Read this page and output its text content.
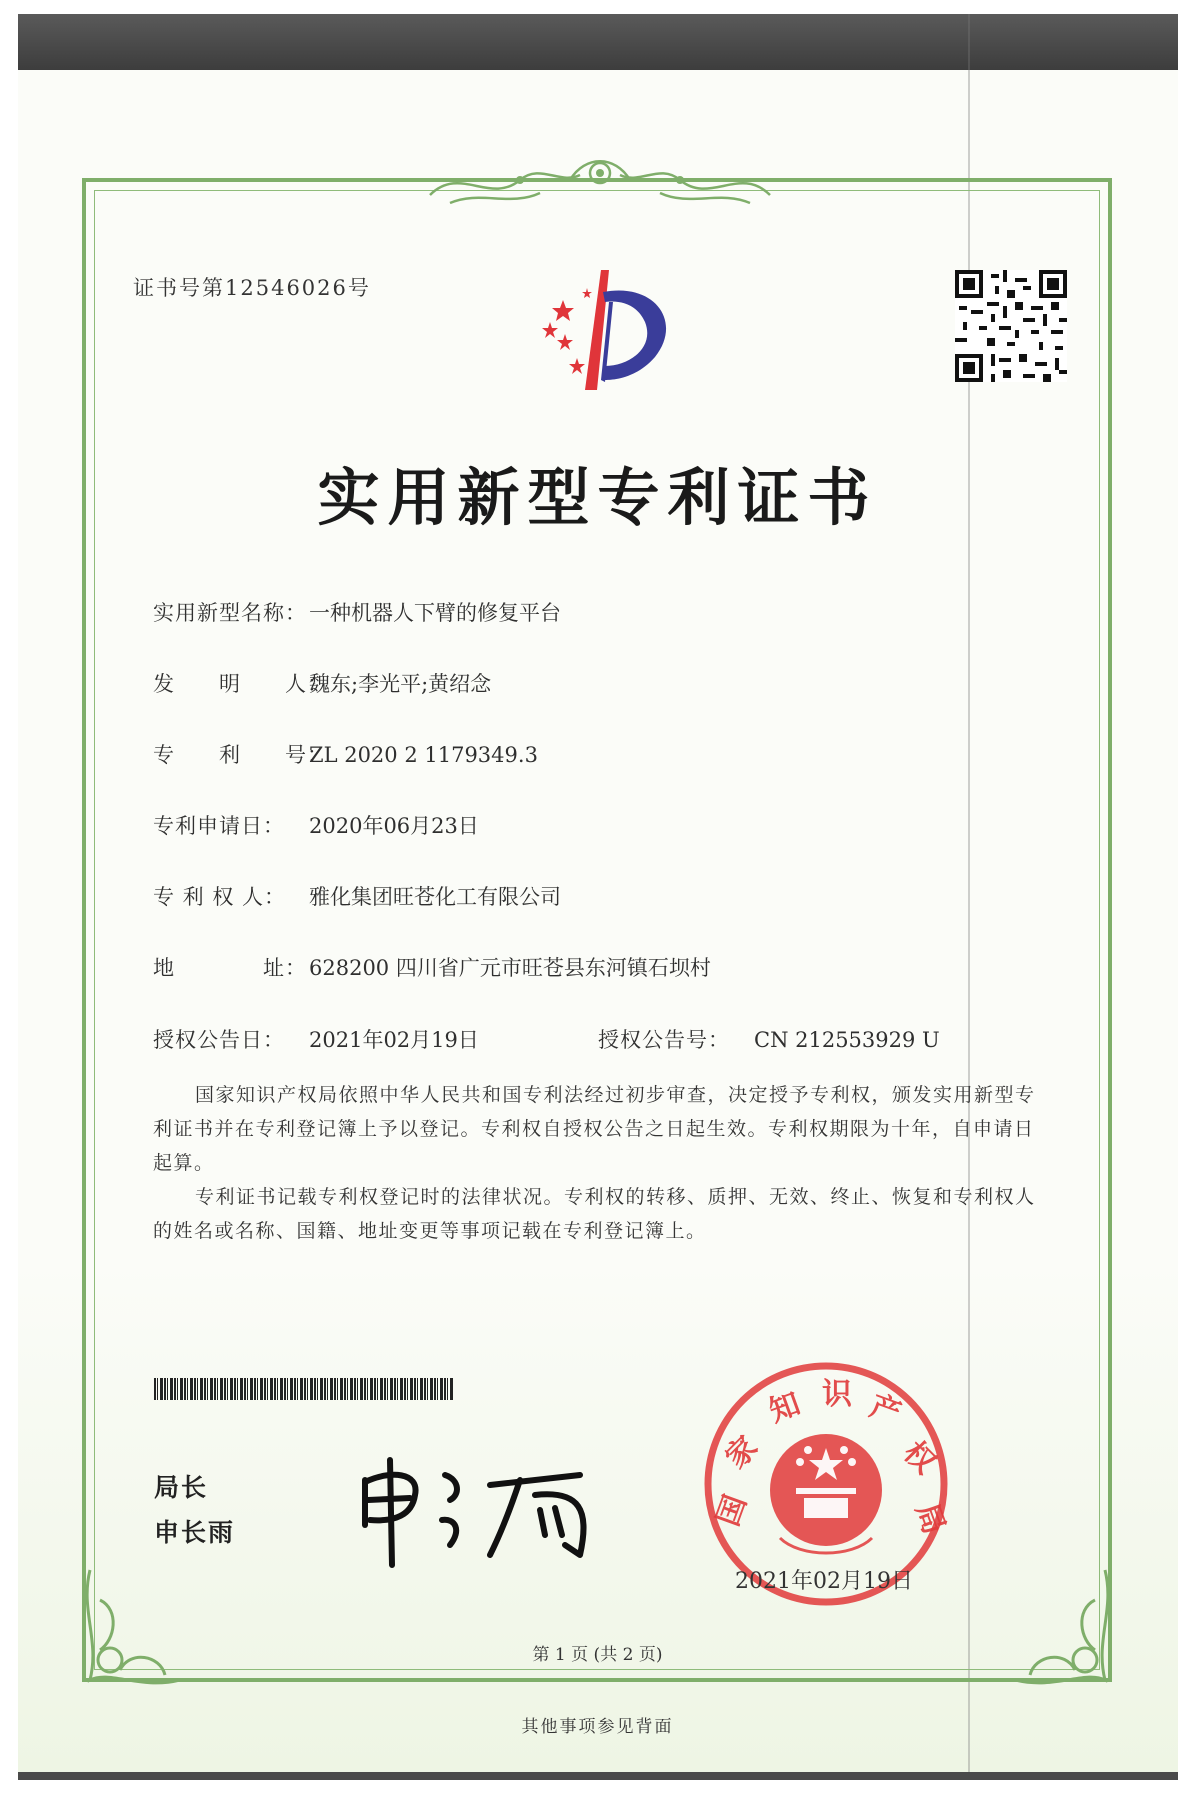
证书号第12546026号
实用新型专利证书
实用新型名称：一种机器人下臂的修复平台
发　　明　　人：魏东;李光平;黄绍念
专　　利　　号：ZL 2020 2 1179349.3
专利申请日： 2020年06月23日
专 利 权 人： 雅化集团旺苍化工有限公司
地　　　　址：628200 四川省广元市旺苍县东河镇石坝村
授权公告日： 2021年02月19日	授权公告号： CN 212553929 U

国家知识产权局依照中华人民共和国专利法经过初步审查，决定授予专利权，颁发实用新型专利证书并在专利登记簿上予以登记。专利权自授权公告之日起生效。专利权期限为十年，自申请日起算。

专利证书记载专利权登记时的法律状况。专利权的转移、质押、无效、终止、恢复和专利权人的姓名或名称、国籍、地址变更等事项记载在专利登记簿上。

局长
申长雨
国
家
知 识 产
权
局
2021年02月19日
第 1 页 (共 2 页)
其他事项参见背面
